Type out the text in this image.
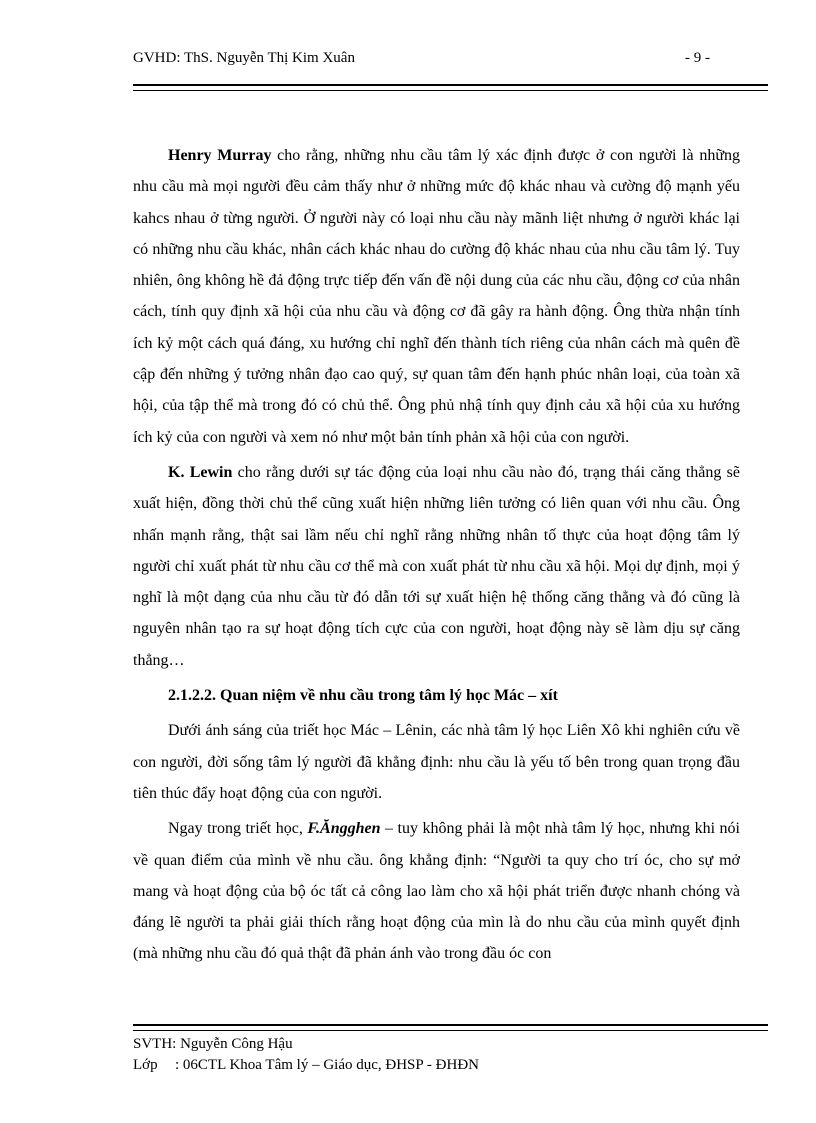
GVHD: ThS. Nguyễn Thị Kim Xuân	- 9 -

Henry Murray cho rằng, những nhu cầu tâm lý xác định được ở con người là những nhu cầu mà mọi người đều cảm thấy như ở những mức độ khác nhau và cường độ mạnh yếu kahcs nhau ở từng người. Ở người này có loại nhu cầu này mãnh liệt nhưng ở người khác lại có những nhu cầu khác, nhân cách khác nhau do cường độ khác nhau của nhu cầu tâm lý. Tuy nhiên, ông không hề đả động trực tiếp đến vấn đề nội dung của các nhu cầu, động cơ của nhân cách, tính quy định xã hội của nhu cầu và động cơ đã gây ra hành động. Ông thừa nhận tính ích kỷ một cách quá đáng, xu hướng chỉ nghĩ đến thành tích riêng của nhân cách mà quên đề cập đến những ý tưởng nhân đạo cao quý, sự quan tâm đến hạnh phúc nhân loại, của toàn xã hội, của tập thể mà trong đó có chủ thể. Ông phủ nhậ tính quy định cảu xã hội của xu hướng ích kỷ của con người và xem nó như một bản tính phản xã hội của con người.

K. Lewin cho rằng dưới sự tác động của loại nhu cầu nào đó, trạng thái căng thẳng sẽ xuất hiện, đồng thời chủ thể cũng xuất hiện những liên tưởng có liên quan với nhu cầu. Ông nhấn mạnh rằng, thật sai lầm nếu chỉ nghĩ rằng những nhân tố thực của hoạt động tâm lý người chỉ xuất phát từ nhu cầu cơ thể mà con xuất phát từ nhu cầu xã hội. Mọi dự định, mọi ý nghĩ là một dạng của nhu cầu từ đó dẫn tới sự xuất hiện hệ thống căng thẳng và đó cũng là nguyên nhân tạo ra sự hoạt động tích cực của con người, hoạt động này sẽ làm dịu sự căng thẳng…

2.1.2.2. Quan niệm về nhu cầu trong tâm lý học Mác – xít

Dưới ánh sáng của triết học Mác – Lênin, các nhà tâm lý học Liên Xô khi nghiên cứu về con người, đời sống tâm lý người đã khẳng định: nhu cầu là yếu tố bên trong quan trọng đầu tiên thúc đẩy hoạt động của con người.

Ngay trong triết học, F.Ăngghen – tuy không phải là một nhà tâm lý học, nhưng khi nói về quan điểm của mình về nhu cầu. ông khẳng định: “Người ta quy cho trí óc, cho sự mở mang và hoạt động của bộ óc tất cả công lao làm cho xã hội phát triển được nhanh chóng và đáng lẽ người ta phải giải thích rằng hoạt động của mìn là do nhu cầu của mình quyết định (mà những nhu cầu đó quả thật đã phản ánh vào trong đầu óc con

SVTH: Nguyễn Công Hậu
Lớp	: 06CTL Khoa Tâm lý – Giáo dục, ĐHSP - ĐHĐN
